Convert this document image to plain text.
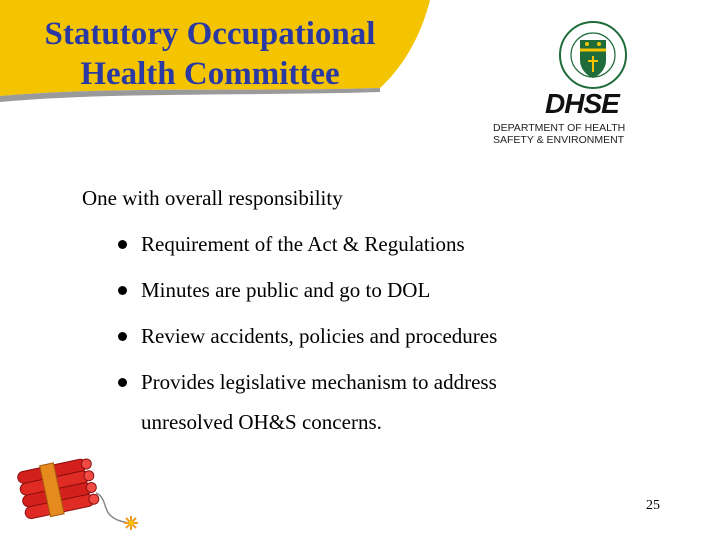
Statutory Occupational
Health Committee
DHSE
DEPARTMENT OF HEALTH
SAFETY & ENVIRONMENT
One with overall responsibility
Requirement of the Act & Regulations
Minutes are public and go to DOL
Review accidents, policies and procedures
Provides legislative mechanism to address
unresolved OH&S concerns.
25
